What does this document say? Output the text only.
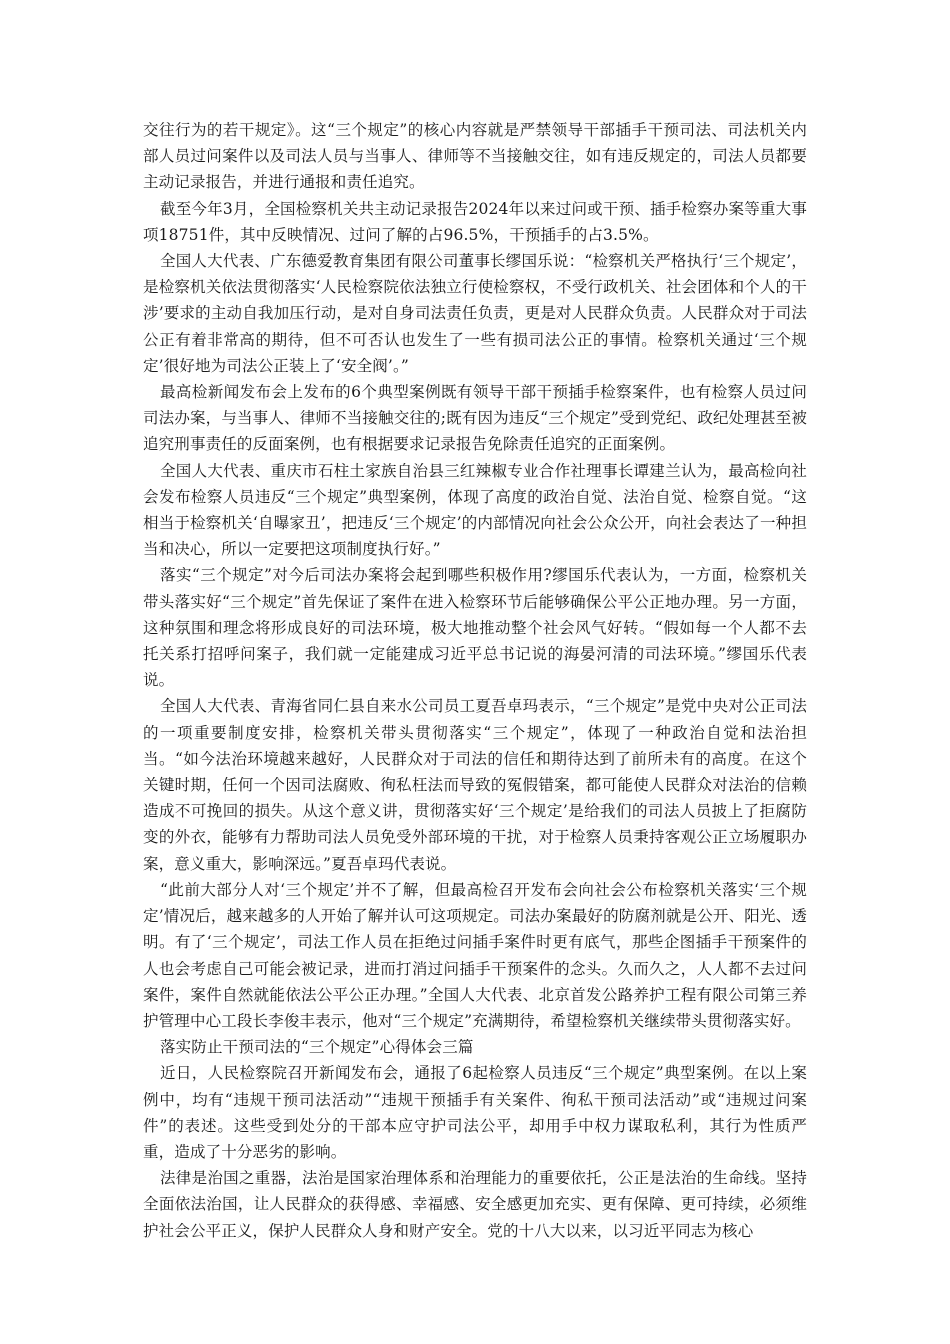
交往行为的若干规定》。这“三个规定”的核心内容就是严禁领导干部插手干预司法、司法机关内部人员过问案件以及司法人员与当事人、律师等不当接触交往，如有违反规定的，司法人员都要主动记录报告，并进行通报和责任追究。

截至今年3月，全国检察机关共主动记录报告2024年以来过问或干预、插手检察办案等重大事项18751件，其中反映情况、过问了解的占96.5%，干预插手的占3.5%。

全国人大代表、广东德爱教育集团有限公司董事长缪国乐说：“检察机关严格执行‘三个规定’，是检察机关依法贯彻落实‘人民检察院依法独立行使检察权，不受行政机关、社会团体和个人的干涉’要求的主动自我加压行动，是对自身司法责任负责，更是对人民群众负责。人民群众对于司法公正有着非常高的期待，但不可否认也发生了一些有损司法公正的事情。检察机关通过‘三个规定’很好地为司法公正装上了‘安全阀’。”

最高检新闻发布会上发布的6个典型案例既有领导干部干预插手检察案件，也有检察人员过问司法办案，与当事人、律师不当接触交往的;既有因为违反“三个规定”受到党纪、政纪处理甚至被追究刑事责任的反面案例，也有根据要求记录报告免除责任追究的正面案例。

全国人大代表、重庆市石柱土家族自治县三红辣椒专业合作社理事长谭建兰认为，最高检向社会发布检察人员违反“三个规定”典型案例，体现了高度的政治自觉、法治自觉、检察自觉。“这相当于检察机关‘自曝家丑’，把违反‘三个规定’的内部情况向社会公众公开，向社会表达了一种担当和决心，所以一定要把这项制度执行好。”

落实“三个规定”对今后司法办案将会起到哪些积极作用?缪国乐代表认为，一方面，检察机关带头落实好“三个规定”首先保证了案件在进入检察环节后能够确保公平公正地办理。另一方面，这种氛围和理念将形成良好的司法环境，极大地推动整个社会风气好转。“假如每一个人都不去托关系打招呼问案子，我们就一定能建成习近平总书记说的海晏河清的司法环境。”缪国乐代表说。

全国人大代表、青海省同仁县自来水公司员工夏吾卓玛表示，“三个规定”是党中央对公正司法的一项重要制度安排，检察机关带头贯彻落实“三个规定”，体现了一种政治自觉和法治担当。“如今法治环境越来越好，人民群众对于司法的信任和期待达到了前所未有的高度。在这个关键时期，任何一个因司法腐败、徇私枉法而导致的冤假错案，都可能使人民群众对法治的信赖造成不可挽回的损失。从这个意义讲，贯彻落实好‘三个规定’是给我们的司法人员披上了拒腐防变的外衣，能够有力帮助司法人员免受外部环境的干扰，对于检察人员秉持客观公正立场履职办案，意义重大，影响深远。”夏吾卓玛代表说。

“此前大部分人对‘三个规定’并不了解，但最高检召开发布会向社会公布检察机关落实‘三个规定’情况后，越来越多的人开始了解并认可这项规定。司法办案最好的防腐剂就是公开、阳光、透明。有了‘三个规定’，司法工作人员在拒绝过问插手案件时更有底气，那些企图插手干预案件的人也会考虑自己可能会被记录，进而打消过问插手干预案件的念头。久而久之，人人都不去过问案件，案件自然就能依法公平公正办理。”全国人大代表、北京首发公路养护工程有限公司第三养护管理中心工段长李俊丰表示，他对“三个规定”充满期待，希望检察机关继续带头贯彻落实好。

落实防止干预司法的“三个规定”心得体会三篇

近日，人民检察院召开新闻发布会，通报了6起检察人员违反“三个规定”典型案例。在以上案例中，均有“违规干预司法活动”“违规干预插手有关案件、徇私干预司法活动”或“违规过问案件”的表述。这些受到处分的干部本应守护司法公平，却用手中权力谋取私利，其行为性质严重，造成了十分恶劣的影响。

法律是治国之重器，法治是国家治理体系和治理能力的重要依托，公正是法治的生命线。坚持全面依法治国，让人民群众的获得感、幸福感、安全感更加充实、更有保障、更可持续，必须维护社会公平正义，保护人民群众人身和财产安全。党的十八大以来，以习近平同志为核心
